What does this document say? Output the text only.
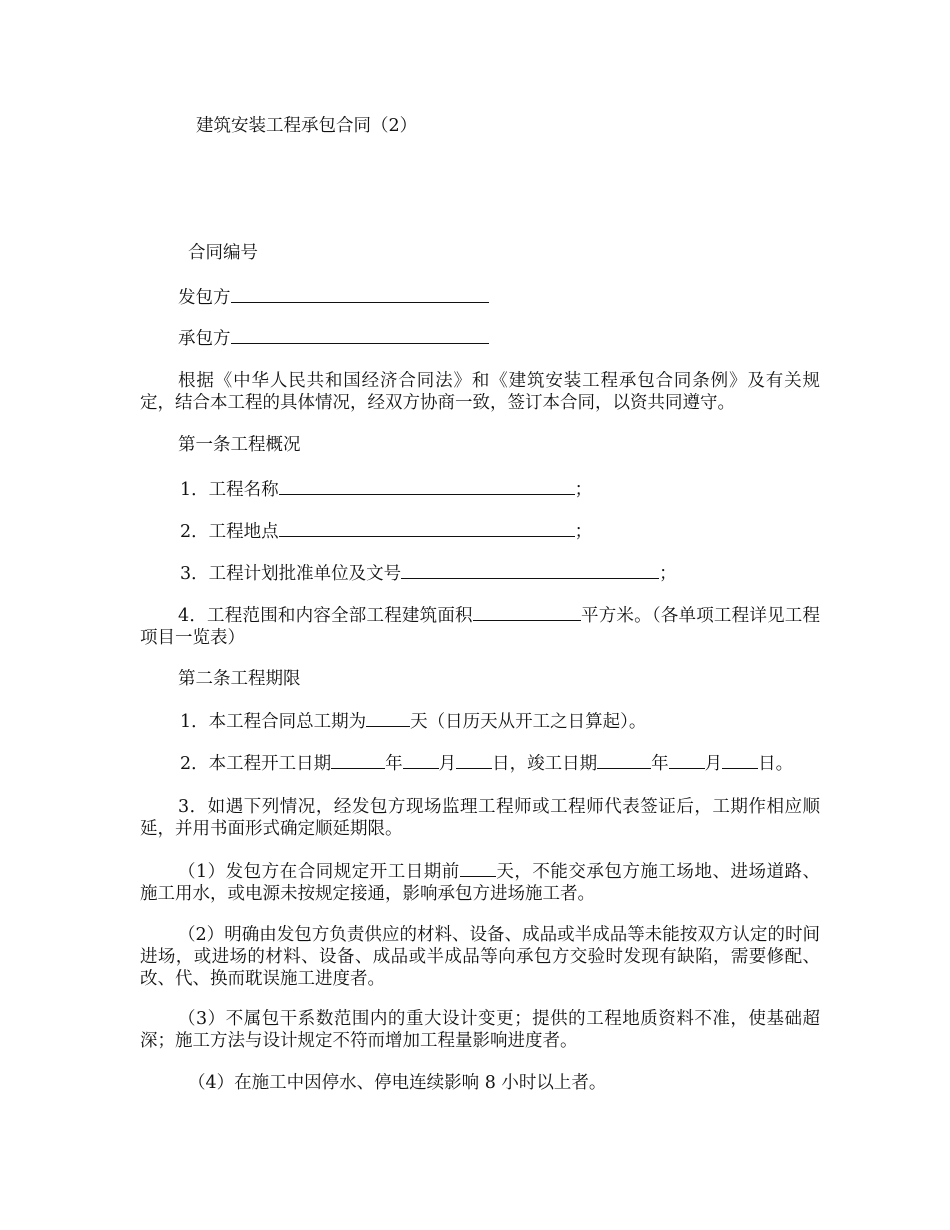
建筑安装工程承包合同（2）
合同编号
发包方
承包方
根据《中华人民共和国经济合同法》和《建筑安装工程承包合同条例》及有关规定，结合本工程的具体情况，经双方协商一致，签订本合同，以资共同遵守。
第一条工程概况
1．工程名称	；
2．工程地点	；
3．工程计划批准单位及文号	；
4．工程范围和内容全部工程建筑面积	平方米。（各单项工程详见工程项目一览表）
第二条工程期限
1．本工程合同总工期为	天（日历天从开工之日算起）。
2．本工程开工日期	年 月 日，竣工日期	年 月 日。
3．如遇下列情况，经发包方现场监理工程师或工程师代表签证后，工期作相应顺延，并用书面形式确定顺延期限。
（1）发包方在合同规定开工日期前 天，不能交承包方施工场地、进场道路、施工用水，或电源未按规定接通，影响承包方进场施工者。
（2）明确由发包方负责供应的材料、设备、成品或半成品等未能按双方认定的时间进场，或进场的材料、设备、成品或半成品等向承包方交验时发现有缺陷，需要修配、改、代、换而耽误施工进度者。
（3）不属包干系数范围内的重大设计变更；提供的工程地质资料不准，使基础超深；施工方法与设计规定不符而增加工程量影响进度者。
（4）在施工中因停水、停电连续影响 8 小时以上者。
